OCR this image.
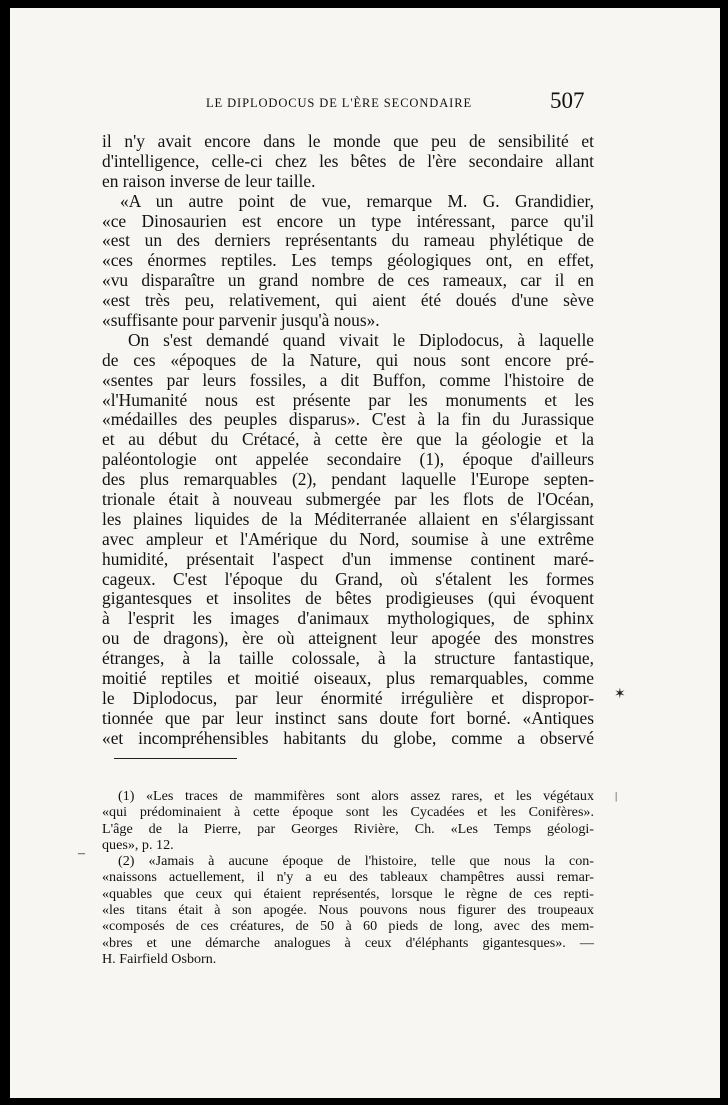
LE DIPLODOCUS DE L'ÈRE SECONDAIRE	507
il n'y avait encore dans le monde que peu de sensibilité et
d'intelligence, celle-ci chez les bêtes de l'ère secondaire allant
en raison inverse de leur taille.
«A un autre point de vue, remarque M. G. Grandidier,
«ce Dinosaurien est encore un type intéressant, parce qu'il
«est un des derniers représentants du rameau phylétique de
«ces énormes reptiles. Les temps géologiques ont, en effet,
«vu disparaître un grand nombre de ces rameaux, car il en
«est très peu, relativement, qui aient été doués d'une sève
«suffisante pour parvenir jusqu'à nous».
On s'est demandé quand vivait le Diplodocus, à laquelle
de ces «époques de la Nature, qui nous sont encore pré-
«sentes par leurs fossiles, a dit Buffon, comme l'histoire de
«l'Humanité nous est présente par les monuments et les
«médailles des peuples disparus». C'est à la fin du Jurassique
et au début du Crétacé, à cette ère que la géologie et la
paléontologie ont appelée secondaire (1), époque d'ailleurs
des plus remarquables (2), pendant laquelle l'Europe septen-
trionale était à nouveau submergée par les flots de l'Océan,
les plaines liquides de la Méditerranée allaient en s'élargissant
avec ampleur et l'Amérique du Nord, soumise à une extrême
humidité, présentait l'aspect d'un immense continent maré-
cageux. C'est l'époque du Grand, où s'étalent les formes
gigantesques et insolites de bêtes prodigieuses (qui évoquent
à l'esprit les images d'animaux mythologiques, de sphinx
ou de dragons), ère où atteignent leur apogée des monstres
étranges, à la taille colossale, à la structure fantastique,
moitié reptiles et moitié oiseaux, plus remarquables, comme
le Diplodocus, par leur énormité irrégulière et dispropor-
tionnée que par leur instinct sans doute fort borné. «Antiques
«et incompréhensibles habitants du globe, comme a observé
(1) «Les traces de mammifères sont alors assez rares, et les végétaux
«qui prédominaient à cette époque sont les Cycadées et les Conifères».
L'âge de la Pierre, par Georges Rivière, Ch. «Les Temps géologi-
ques», p. 12.
(2) «Jamais à aucune époque de l'histoire, telle que nous la con-
«naissons actuellement, il n'y a eu des tableaux champêtres aussi remar-
«quables que ceux qui étaient représentés, lorsque le règne de ces repti-
«les titans était à son apogée. Nous pouvons nous figurer des troupeaux
«composés de ces créatures, de 50 à 60 pieds de long, avec des mem-
«bres et une démarche analogues à ceux d'éléphants gigantesques». —
H. Fairfield Osborn.
✶
‒
|
